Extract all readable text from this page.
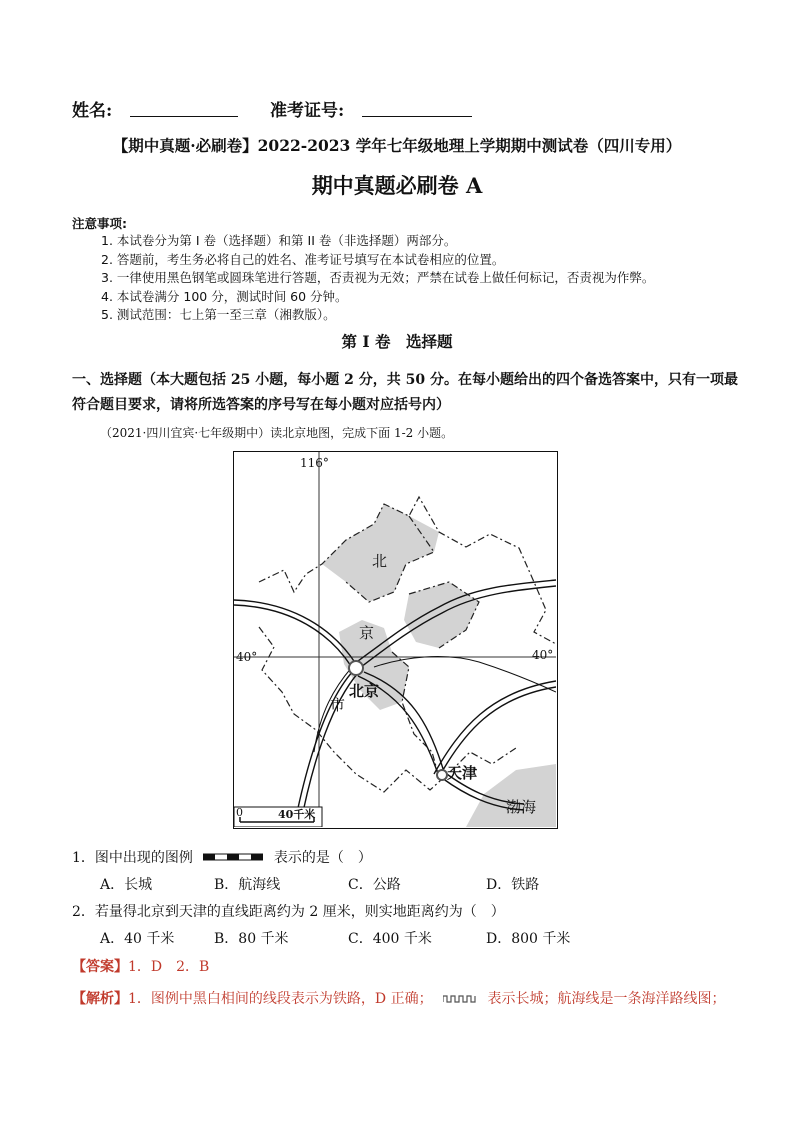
姓名:	准考证号:
【期中真题·必刷卷】2022-2023 学年七年级地理上学期期中测试卷（四川专用）
期中真题必刷卷 A
注意事项:
1. 本试卷分为第 I 卷（选择题）和第 II 卷（非选择题）两部分。
2. 答题前，考生务必将自己的姓名、准考证号填写在本试卷相应的位置。
3. 一律使用黑色钢笔或圆珠笔进行答题，否责视为无效；严禁在试卷上做任何标记，否责视为作弊。
4. 本试卷满分 100 分，测试时间 60 分钟。
5. 测试范围：七上第一至三章（湘教版）。
第 I 卷　选择题
一、选择题（本大题包括 25 小题，每小题 2 分，共 50 分。在每小题给出的四个备选答案中，只有一项最
符合题目要求，请将所选答案的序号写在每小题对应括号内）
（2021·四川宜宾·七年级期中）读北京地图，完成下面 1-2 小题。
116°
40°	40°
北
京
市
北京
天津
渤海
0	40千米
1．图中出现的图例	表示的是（　）
A．长城	B．航海线	C．公路	D．铁路
2．若量得北京到天津的直线距离约为 2 厘米，则实地距离约为（　）
A．40 千米	B．80 千米	C．400 千米	D．800 千米
【答案】1．D　2．B
【解析】1．图例中黑白相间的线段表示为铁路，D 正确；	表示长城；航海线是一条海洋路线图；
